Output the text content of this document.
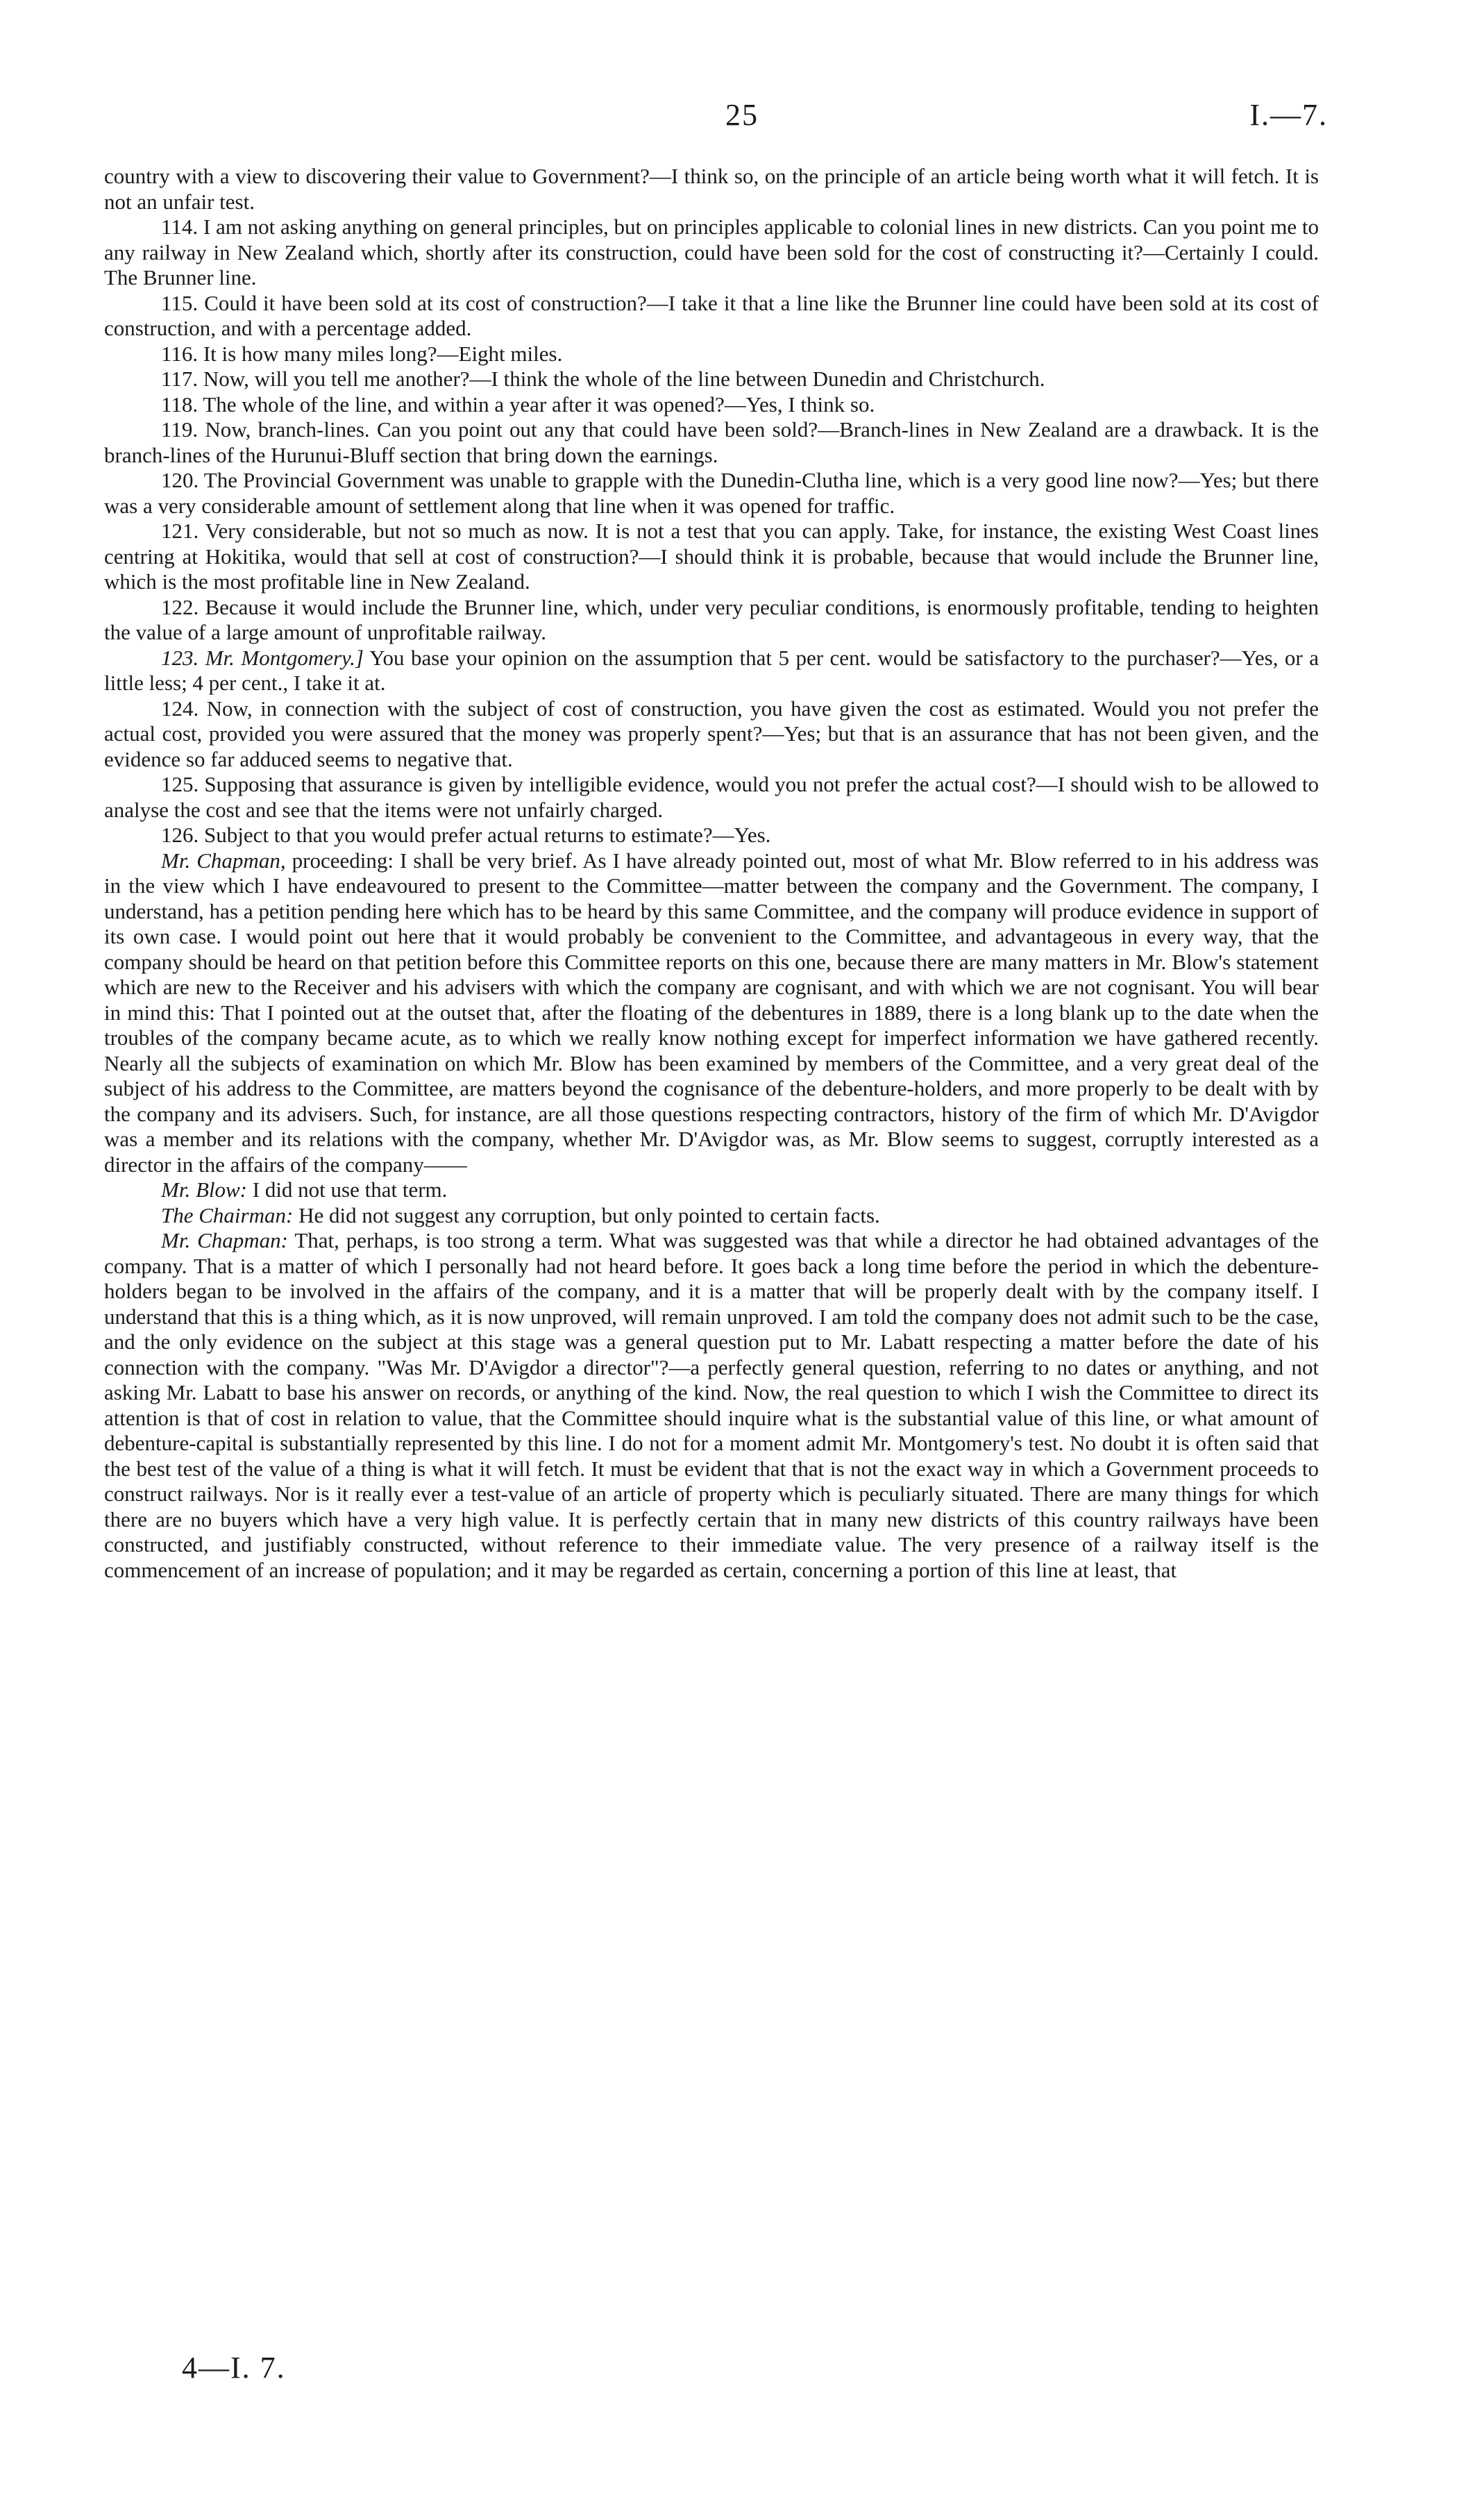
25	I.—7.

country with a view to discovering their value to Government?—I think so, on the principle of an article being worth what it will fetch. It is not an unfair test.

114. I am not asking anything on general principles, but on principles applicable to colonial lines in new districts. Can you point me to any railway in New Zealand which, shortly after its construction, could have been sold for the cost of constructing it?—Certainly I could. The Brunner line.

115. Could it have been sold at its cost of construction?—I take it that a line like the Brunner line could have been sold at its cost of construction, and with a percentage added.

116. It is how many miles long?—Eight miles.

117. Now, will you tell me another?—I think the whole of the line between Dunedin and Christchurch.

118. The whole of the line, and within a year after it was opened?—Yes, I think so.

119. Now, branch-lines. Can you point out any that could have been sold?—Branch-lines in New Zealand are a drawback. It is the branch-lines of the Hurunui-Bluff section that bring down the earnings.

120. The Provincial Government was unable to grapple with the Dunedin-Clutha line, which is a very good line now?—Yes; but there was a very considerable amount of settlement along that line when it was opened for traffic.

121. Very considerable, but not so much as now. It is not a test that you can apply. Take, for instance, the existing West Coast lines centring at Hokitika, would that sell at cost of construction?—I should think it is probable, because that would include the Brunner line, which is the most profitable line in New Zealand.

122. Because it would include the Brunner line, which, under very peculiar conditions, is enormously profitable, tending to heighten the value of a large amount of unprofitable railway.

123. Mr. Montgomery.] You base your opinion on the assumption that 5 per cent. would be satisfactory to the purchaser?—Yes, or a little less; 4 per cent., I take it at.

124. Now, in connection with the subject of cost of construction, you have given the cost as estimated. Would you not prefer the actual cost, provided you were assured that the money was properly spent?—Yes; but that is an assurance that has not been given, and the evidence so far adduced seems to negative that.

125. Supposing that assurance is given by intelligible evidence, would you not prefer the actual cost?—I should wish to be allowed to analyse the cost and see that the items were not unfairly charged.

126. Subject to that you would prefer actual returns to estimate?—Yes.

Mr. Chapman, proceeding: I shall be very brief. As I have already pointed out, most of what Mr. Blow referred to in his address was in the view which I have endeavoured to present to the Committee—matter between the company and the Government. The company, I understand, has a petition pending here which has to be heard by this same Committee, and the company will produce evidence in support of its own case. I would point out here that it would probably be convenient to the Committee, and advantageous in every way, that the company should be heard on that petition before this Committee reports on this one, because there are many matters in Mr. Blow's statement which are new to the Receiver and his advisers with which the company are cognisant, and with which we are not cognisant. You will bear in mind this: That I pointed out at the outset that, after the floating of the debentures in 1889, there is a long blank up to the date when the troubles of the company became acute, as to which we really know nothing except for imperfect information we have gathered recently. Nearly all the subjects of examination on which Mr. Blow has been examined by members of the Committee, and a very great deal of the subject of his address to the Committee, are matters beyond the cognisance of the debenture-holders, and more properly to be dealt with by the company and its advisers. Such, for instance, are all those questions respecting contractors, history of the firm of which Mr. D'Avigdor was a member and its relations with the company, whether Mr. D'Avigdor was, as Mr. Blow seems to suggest, corruptly interested as a director in the affairs of the company——

Mr. Blow: I did not use that term.

The Chairman: He did not suggest any corruption, but only pointed to certain facts.

Mr. Chapman: That, perhaps, is too strong a term. What was suggested was that while a director he had obtained advantages of the company. That is a matter of which I personally had not heard before. It goes back a long time before the period in which the debenture-holders began to be involved in the affairs of the company, and it is a matter that will be properly dealt with by the company itself. I understand that this is a thing which, as it is now unproved, will remain unproved. I am told the company does not admit such to be the case, and the only evidence on the subject at this stage was a general question put to Mr. Labatt respecting a matter before the date of his connection with the company. "Was Mr. D'Avigdor a director"?—a perfectly general question, referring to no dates or anything, and not asking Mr. Labatt to base his answer on records, or anything of the kind. Now, the real question to which I wish the Committee to direct its attention is that of cost in relation to value, that the Committee should inquire what is the substantial value of this line, or what amount of debenture-capital is substantially represented by this line. I do not for a moment admit Mr. Montgomery's test. No doubt it is often said that the best test of the value of a thing is what it will fetch. It must be evident that that is not the exact way in which a Government proceeds to construct railways. Nor is it really ever a test-value of an article of property which is peculiarly situated. There are many things for which there are no buyers which have a very high value. It is perfectly certain that in many new districts of this country railways have been constructed, and justifiably constructed, without reference to their immediate value. The very presence of a railway itself is the commencement of an increase of population; and it may be regarded as certain, concerning a portion of this line at least, that

4—I. 7.
